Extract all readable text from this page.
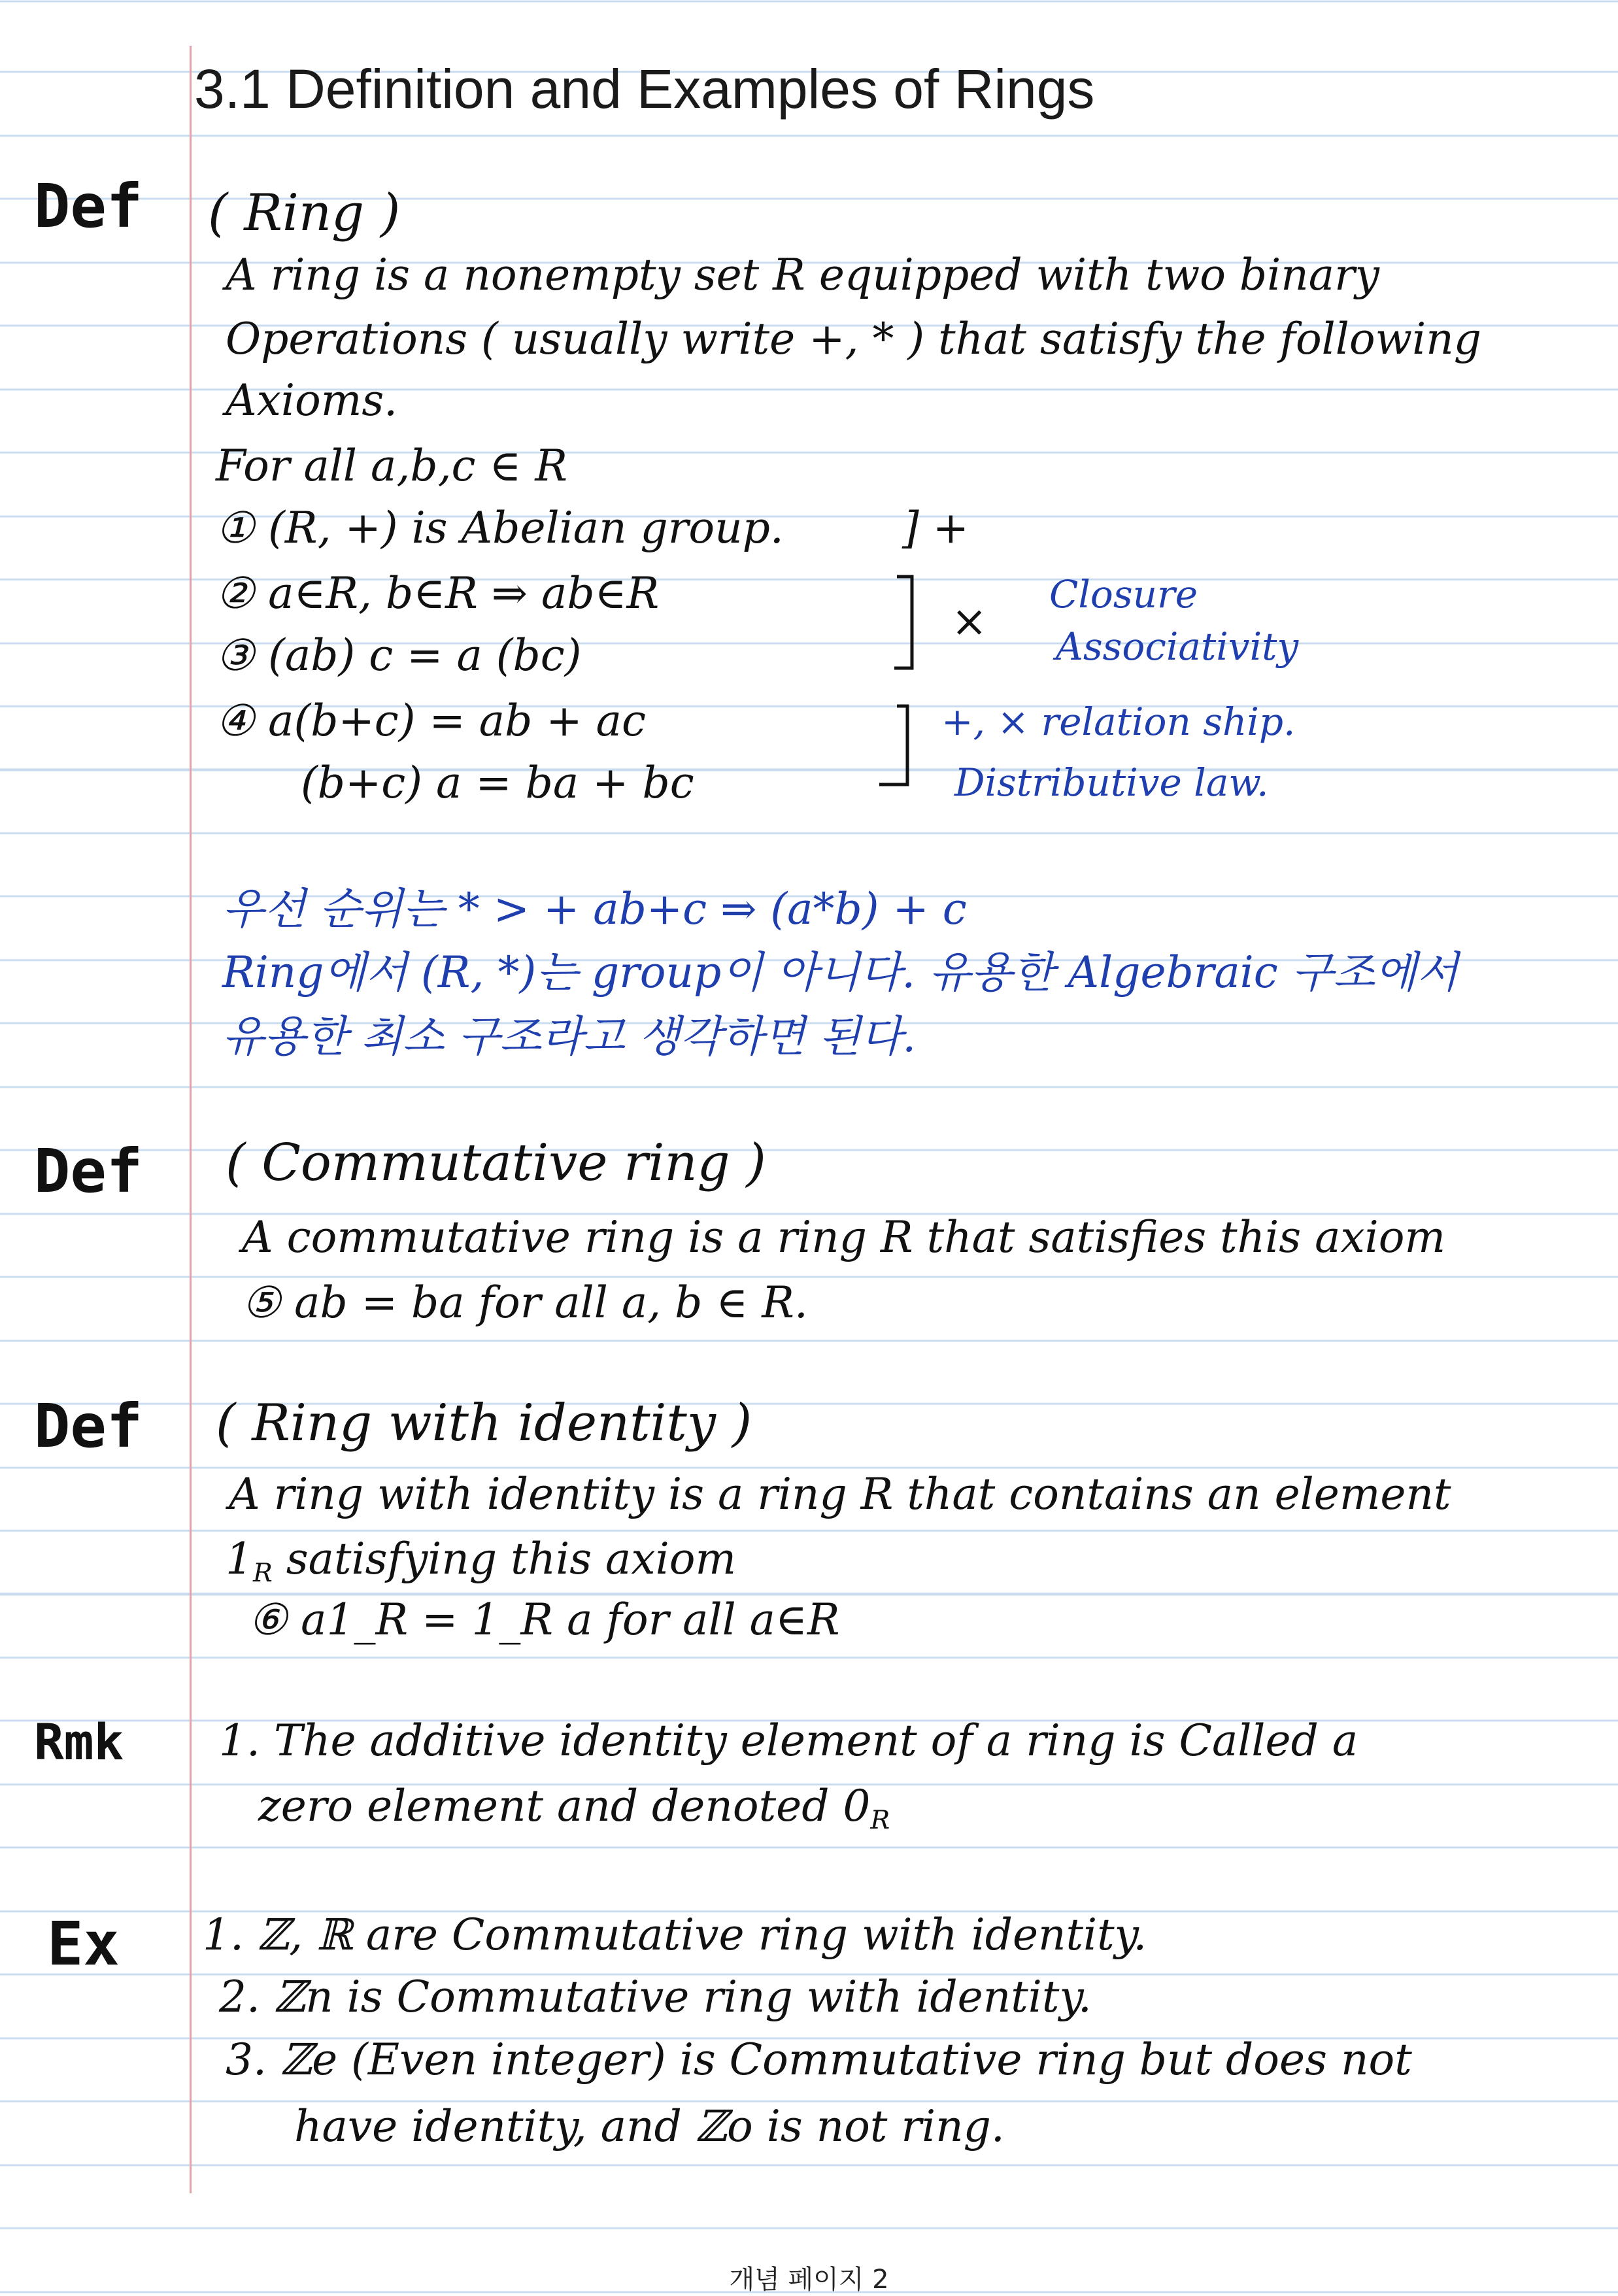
3.1 Definition and Examples of Rings
Def ( Ring )
A ring is a nonempty set R equipped with two binary
Operations ( usually write +, * ) that satisfy the following
Axioms.
For all a,b,c ∈ R
① (R, +) is Abelian group.	] +
② a∈R, b∈R ⇒ ab∈R
③ (ab) c = a (bc)
×
Closure
Associativity
④ a(b+c) = ab + ac
(b+c) a = ba + bc
+, × relation ship.
Distributive law.
우선 순위는 * > + ab+c ⇒ (a*b) + c
Ring에서 (R, *)는 group이 아니다. 유용한 Algebraic 구조에서
유용한 최소 구조라고 생각하면 된다.
Def ( Commutative ring )
A commutative ring is a ring R that satisfies this axiom
⑤ ab = ba for all a, b ∈ R.
Def ( Ring with identity )
A ring with identity is a ring R that contains an element
$1_R$ satisfying this axiom
⑥ a1_R = 1_R a for all a∈R
Rmk 1. The additive identity element of a ring is Called a
zero element and denoted $0_R$
Ex 1. ℤ, ℝ are Commutative ring with identity.
2. ℤn is Commutative ring with identity.
3. ℤe (Even integer) is Commutative ring but does not
have identity, and ℤo is not ring.
개념 페이지 2
